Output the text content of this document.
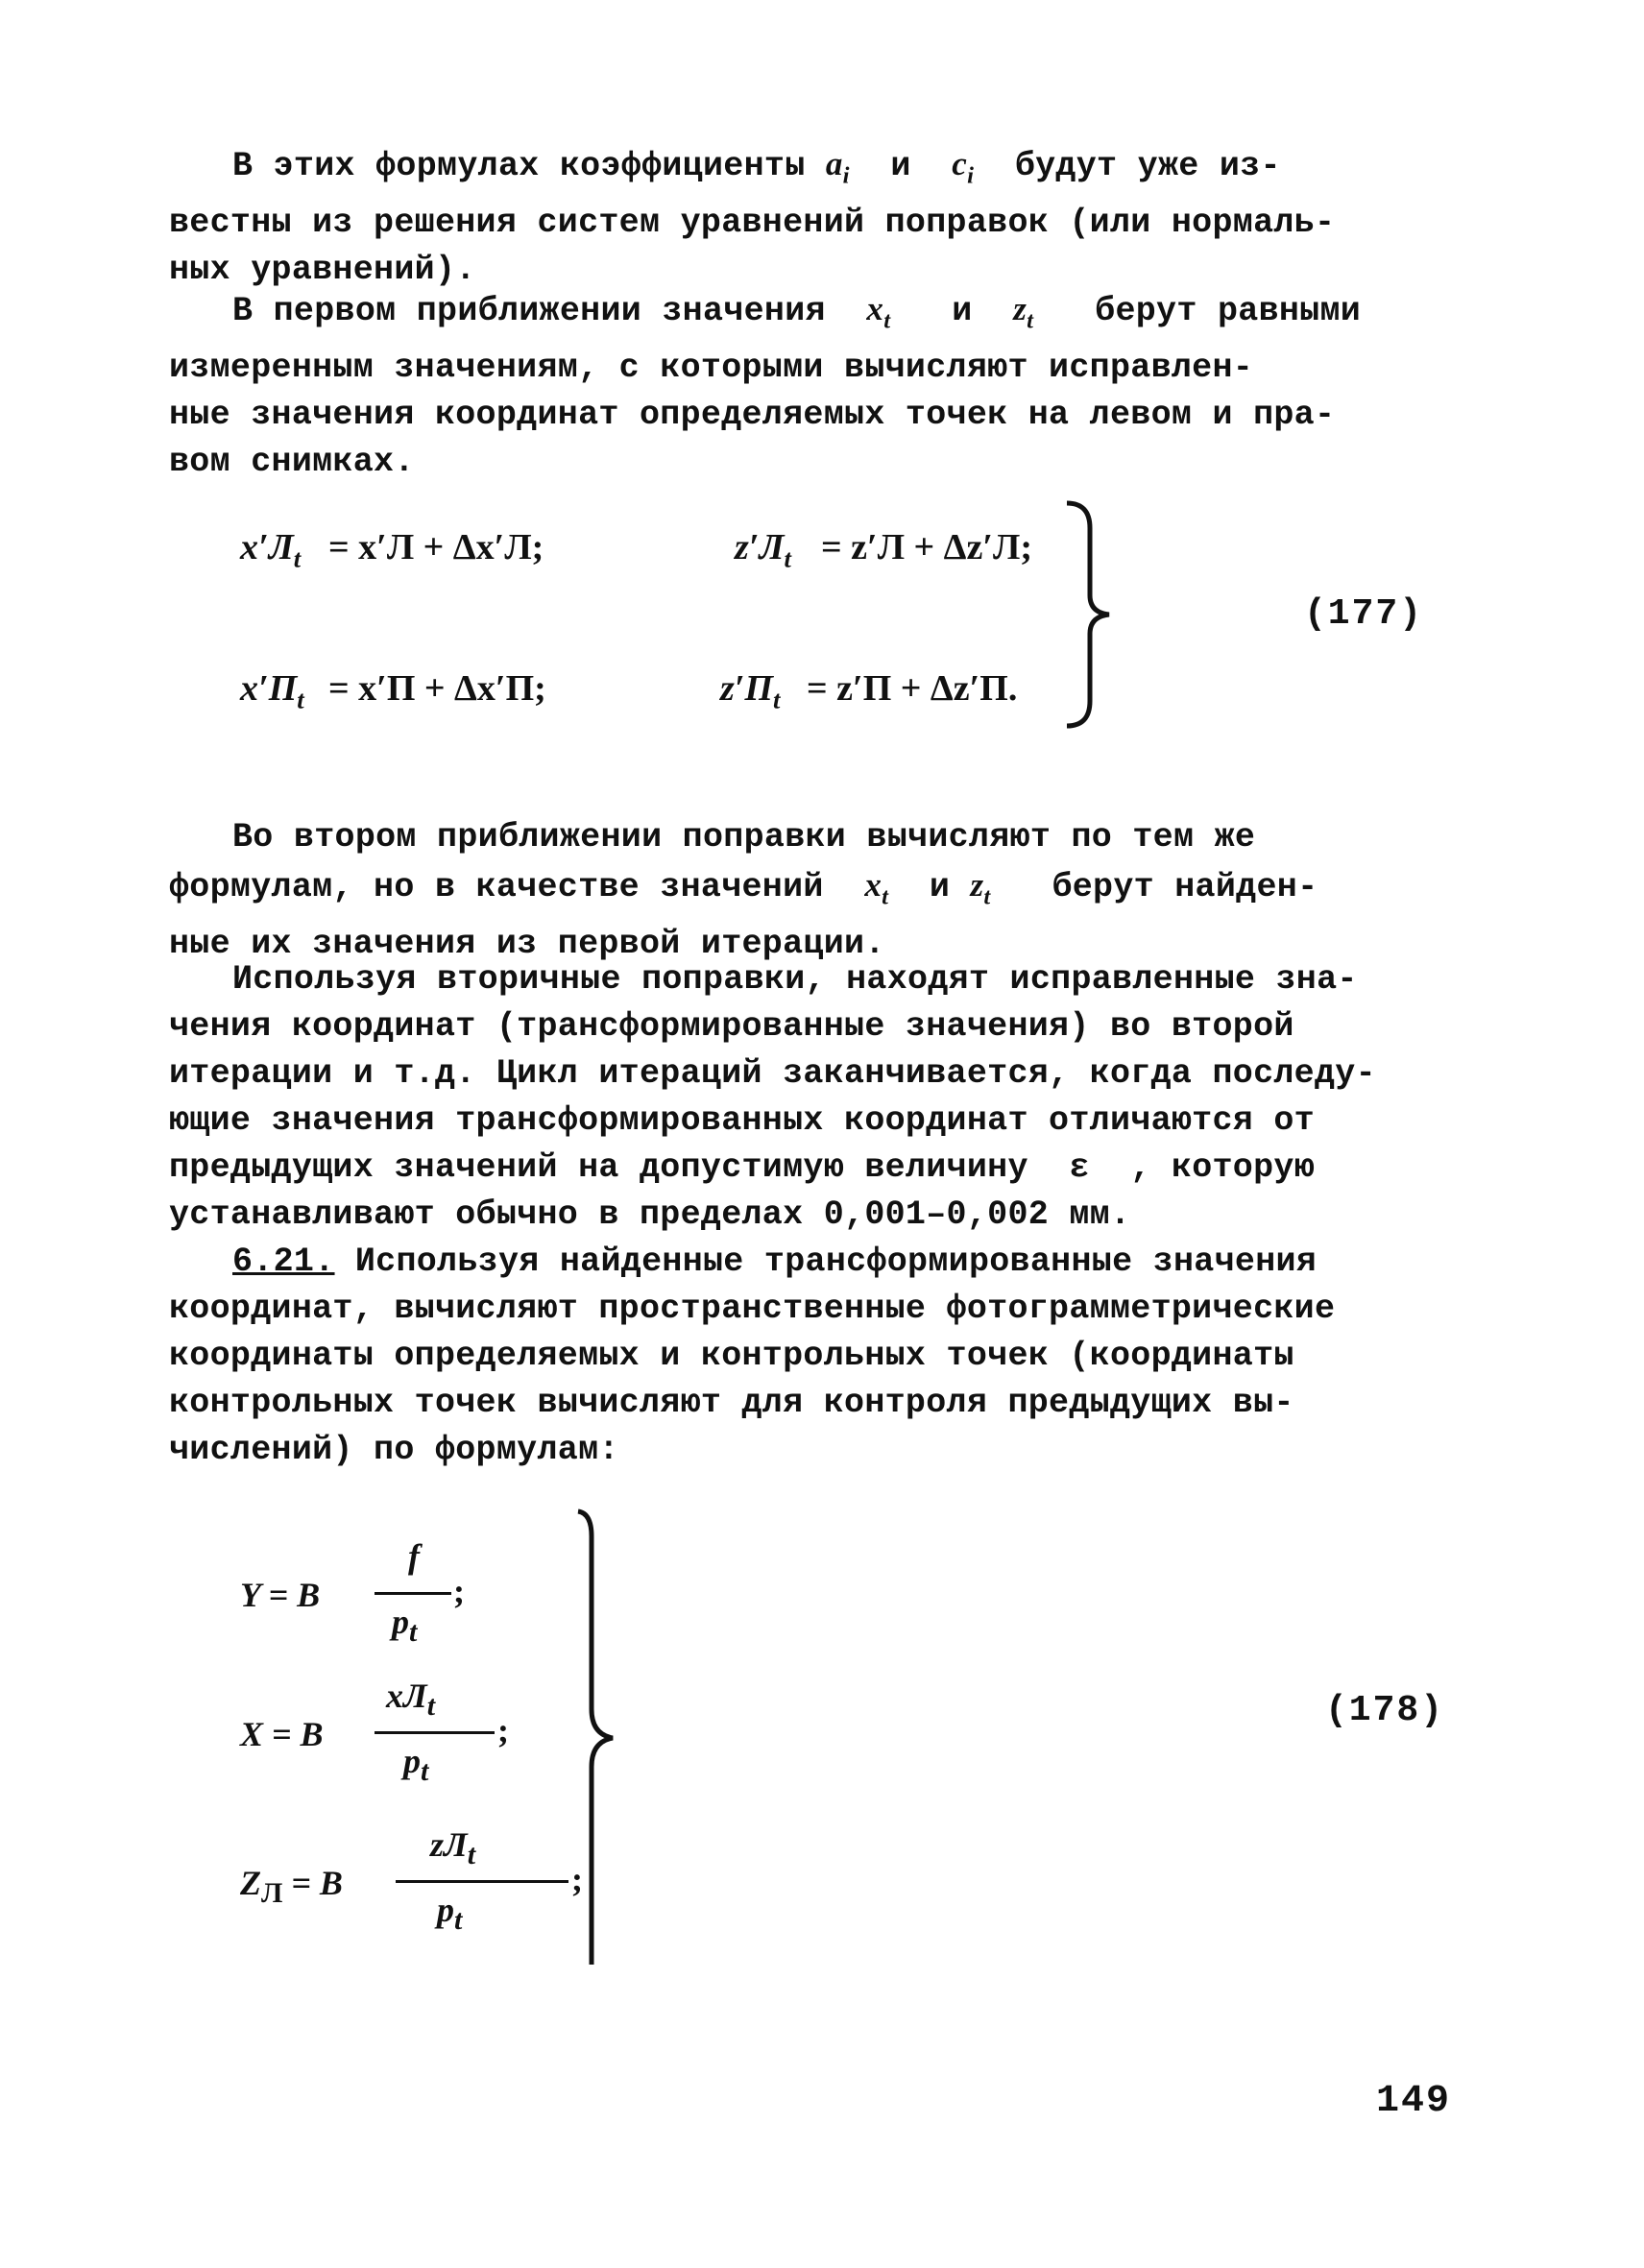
В этих формулах коэффициенты $a_i$ и $c_i$ будут уже из-
вестны из решения систем уравнений поправок (или нормаль-
ных уравнений).
В первом приближении значения $x_t$ и $z_t$ берут равными
измеренным значениям, с которыми вычисляют исправлен-
ные значения координат определяемых точек на левом и пра-
вом снимках.
$x'Л_t = x'Л + \Delta x'Л$;	$z'Л_t = z'Л + \Delta z'Л$;
$x'П_t = x'П + \Delta x'П$;	$z'П_t = z'П + \Delta z'П$.
(177)
Во втором приближении поправки вычисляют по тем же
формулам, но в качестве значений $x_t$ и $z_t$ берут найден-
ные их значения из первой итерации.
Используя вторичные поправки, находят исправленные зна-
чения координат (трансформированные значения) во второй
итерации и т.д. Цикл итераций заканчивается, когда последу-
ющие значения трансформированных координат отличаются от
предыдущих значений на допустимую величину ε , которую
устанавливают обычно в пределах 0,001–0,002 мм.
6.21. Используя найденные трансформированные значения
координат, вычисляют пространственные фотограмметрические
координаты определяемых и контрольных точек (координаты
контрольных точек вычисляют для контроля предыдущих вы-
числений) по формулам:
Y = B
f
$p_t$
;
X = B
$xЛ_t$
$p_t$
;
$Z_Л = B$
$zЛ_t$
$p_t$
;
(178)
149
